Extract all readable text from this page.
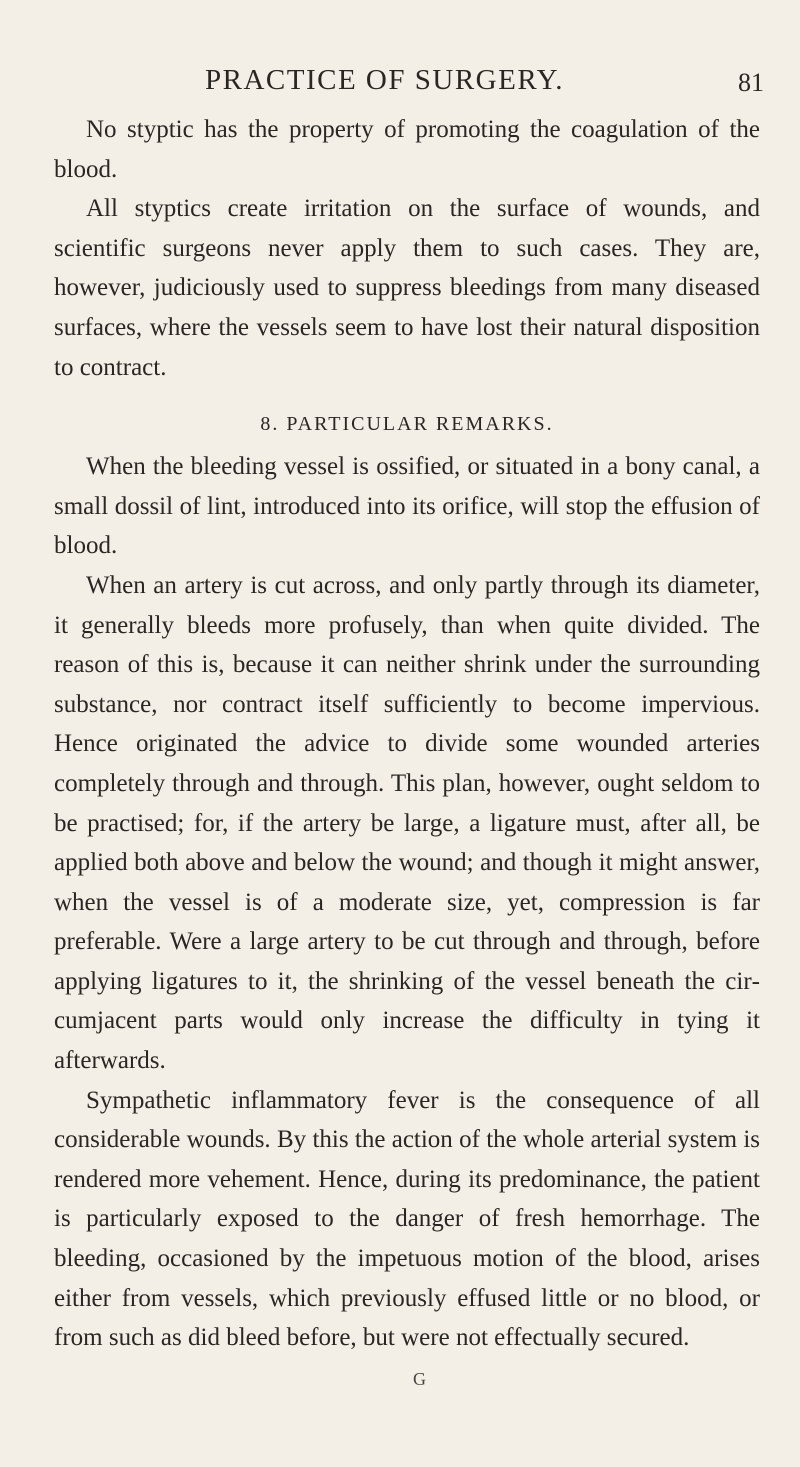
PRACTICE OF SURGERY.	81

No styptic has the property of promoting the coagulation of the blood.

All styptics create irritation on the surface of wounds, and scientific surgeons never apply them to such cases. They are, however, judiciously used to suppress bleedings from many diseased surfaces, where the vessels seem to have lost their natural disposition to contract.

8. PARTICULAR REMARKS.

When the bleeding vessel is ossified, or situated in a bony canal, a small dossil of lint, introduced into its orifice, will stop the effusion of blood.

When an artery is cut across, and only partly through its diameter, it generally bleeds more profusely, than when quite divided. The reason of this is, because it can neither shrink under the surrounding substance, nor contract itself sufficiently to become impervious. Hence originated the advice to divide some wounded arteries completely through and through. This plan, however, ought seldom to be practised; for, if the artery be large, a ligature must, after all, be applied both above and below the wound; and though it might answer, when the vessel is of a moderate size, yet, compression is far preferable. Were a large artery to be cut through and through, before applying ligatures to it, the shrinking of the vessel beneath the circumjacent parts would only increase the difficulty in tying it afterwards.

Sympathetic inflammatory fever is the consequence of all considerable wounds. By this the action of the whole arterial system is rendered more vehement. Hence, during its predominance, the patient is particularly exposed to the danger of fresh hemorrhage. The bleeding, occasioned by the impetuous motion of the blood, arises either from vessels, which previously effused little or no blood, or from such as did bleed before, but were not effectually secured.

G
